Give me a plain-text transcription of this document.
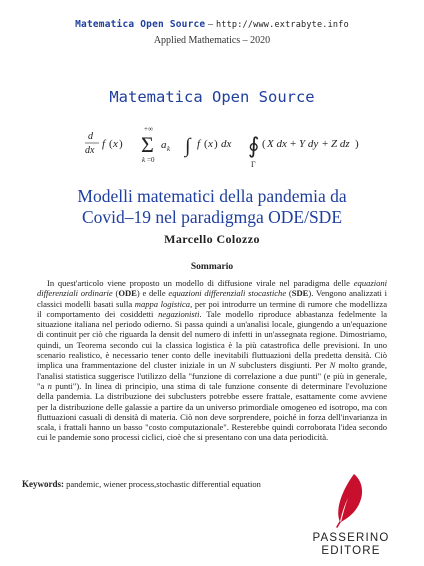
Matematica Open Source – http://www.extrabyte.info
Applied Mathematics – 2020
Matematica Open Source
d
dx
f ( x )
+∞
Σ
k =0
a k ∫ f ( x ) dx ∮
Γ
( X dx + Y dy + Z dz )
Modelli matematici della pandemia da
Covid–19 nel paradigmga ODE/SDE
Marcello Colozzo
Sommario
In quest'articolo viene proposto un modello di diffusione virale nel paradigma delle equazioni differenziali ordinarie (ODE) e delle equazioni differenziali stocastiche (SDE). Vengono analizzati i classici modelli basati sulla mappa logistica, per poi introdurre un termine di rumore che modellizza il comportamento dei cosiddetti negazionisti. Tale modello riproduce abbastanza fedelmente la situazione italiana nel periodo odierno. Si passa quindi a un'analisi locale, giungendo a un'equazione di continuit per ciò che riguarda la densit del numero di infetti in un'assegnata regione. Dimostriamo, quindi, un Teorema secondo cui la classica logistica è la più catastrofica delle previsioni. In uno scenario realistico, è necessario tener conto delle inevitabili fluttuazioni della predetta densità. Ciò implica una frammentazione del cluster iniziale in un N subclusters disgiunti. Per N molto grande, l'analisi statistica suggerisce l'utilizzo della "funzione di correlazione a due punti" (e più in generale, "a n punti"). In linea di principio, una stima di tale funzione consente di determinare l'evoluzione della pandemia. La distribuzione dei subclusters potrebbe essere frattale, esattamente come avviene per la distribuzione delle galassie a partire da un universo primordiale omogeneo ed isotropo, ma con fluttuazioni casuali di densità di materia. Ciò non deve sorprendere, poiché in forza dell'invarianza in scala, i frattali hanno un basso "costo computazionale". Resterebbe quindi corroborata l'idea secondo cui le pandemie sono processi ciclici, cioè che si presentano con una data periodicità.
Keywords: pandemic, wiener process,stochastic differential equation
PASSERINO
EDITORE
